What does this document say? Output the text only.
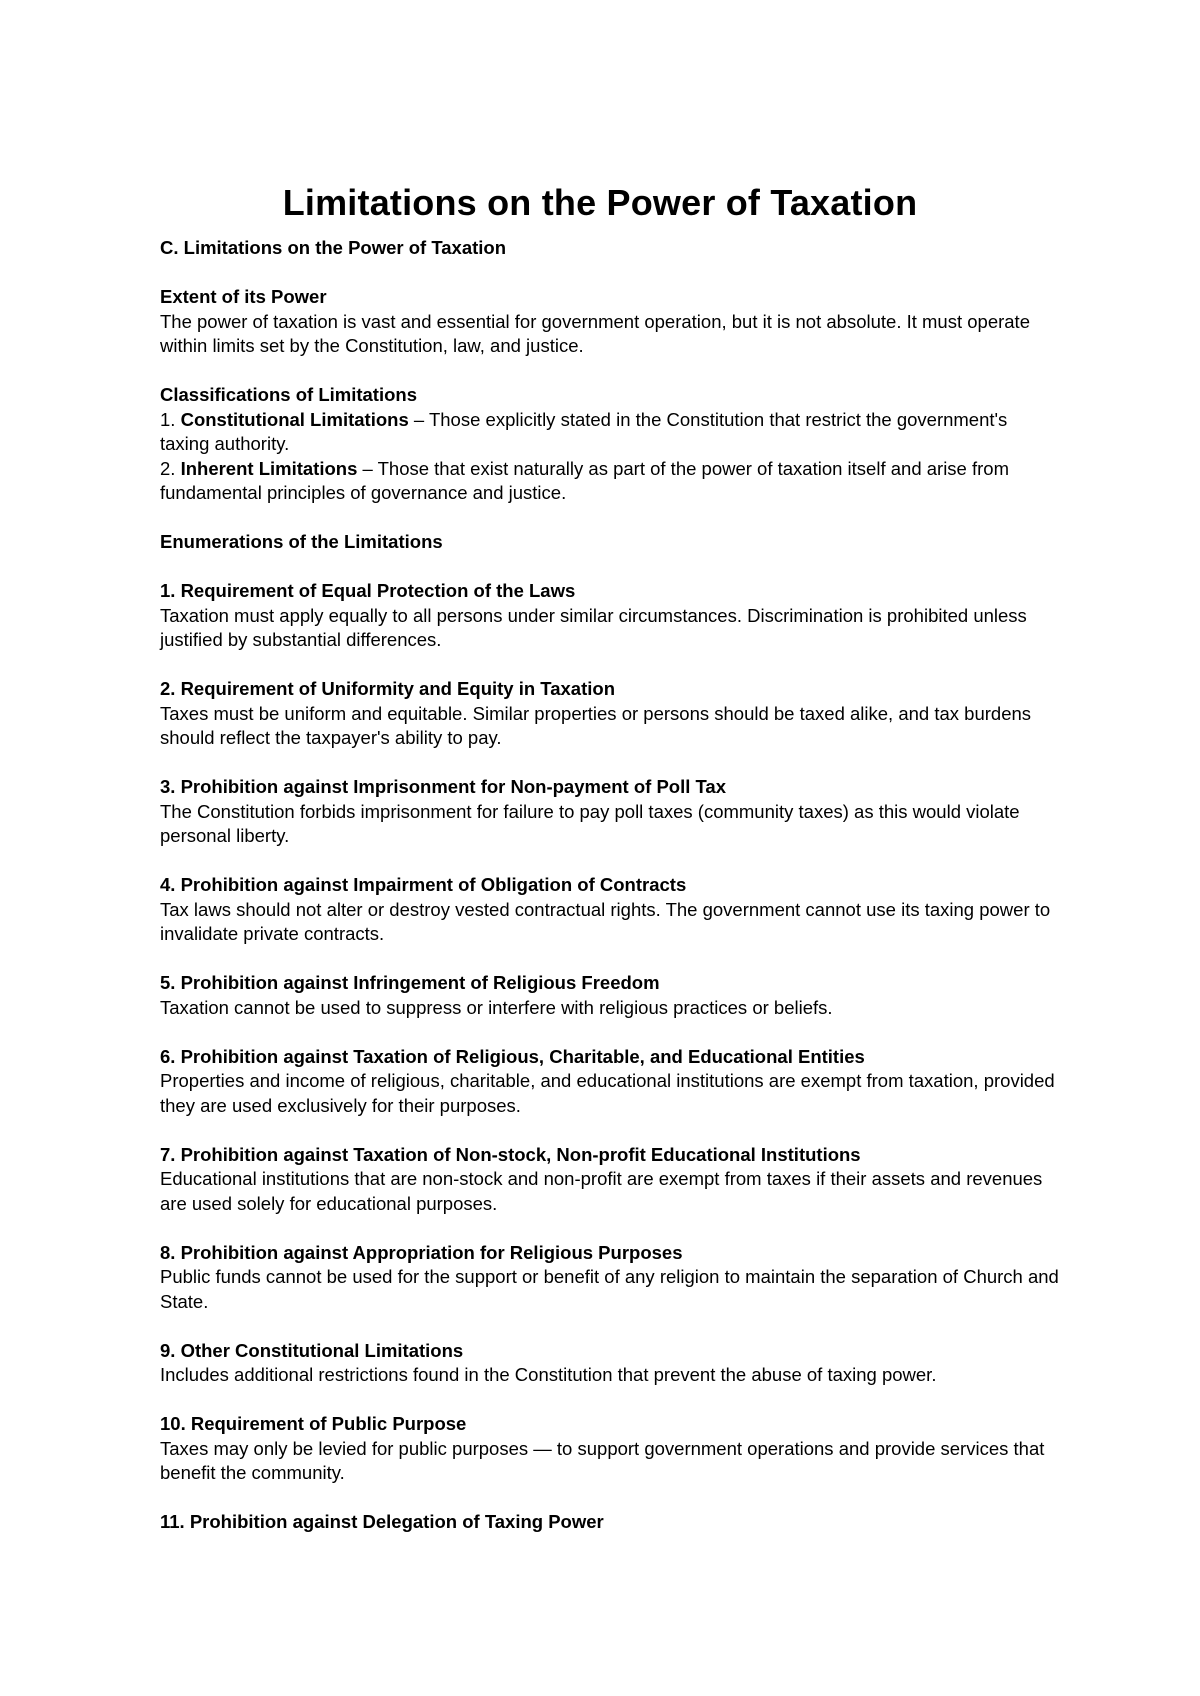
Limitations on the Power of Taxation
C. Limitations on the Power of Taxation
Extent of its Power
The power of taxation is vast and essential for government operation, but it is not absolute. It must operate within limits set by the Constitution, law, and justice.
Classifications of Limitations
1. Constitutional Limitations – Those explicitly stated in the Constitution that restrict the government's taxing authority.
2. Inherent Limitations – Those that exist naturally as part of the power of taxation itself and arise from fundamental principles of governance and justice.
Enumerations of the Limitations
1. Requirement of Equal Protection of the Laws
Taxation must apply equally to all persons under similar circumstances. Discrimination is prohibited unless justified by substantial differences.
2. Requirement of Uniformity and Equity in Taxation
Taxes must be uniform and equitable. Similar properties or persons should be taxed alike, and tax burdens should reflect the taxpayer's ability to pay.
3. Prohibition against Imprisonment for Non-payment of Poll Tax
The Constitution forbids imprisonment for failure to pay poll taxes (community taxes) as this would violate personal liberty.
4. Prohibition against Impairment of Obligation of Contracts
Tax laws should not alter or destroy vested contractual rights. The government cannot use its taxing power to invalidate private contracts.
5. Prohibition against Infringement of Religious Freedom
Taxation cannot be used to suppress or interfere with religious practices or beliefs.
6. Prohibition against Taxation of Religious, Charitable, and Educational Entities
Properties and income of religious, charitable, and educational institutions are exempt from taxation, provided they are used exclusively for their purposes.
7. Prohibition against Taxation of Non-stock, Non-profit Educational Institutions
Educational institutions that are non-stock and non-profit are exempt from taxes if their assets and revenues are used solely for educational purposes.
8. Prohibition against Appropriation for Religious Purposes
Public funds cannot be used for the support or benefit of any religion to maintain the separation of Church and State.
9. Other Constitutional Limitations
Includes additional restrictions found in the Constitution that prevent the abuse of taxing power.
10. Requirement of Public Purpose
Taxes may only be levied for public purposes — to support government operations and provide services that benefit the community.
11. Prohibition against Delegation of Taxing Power
